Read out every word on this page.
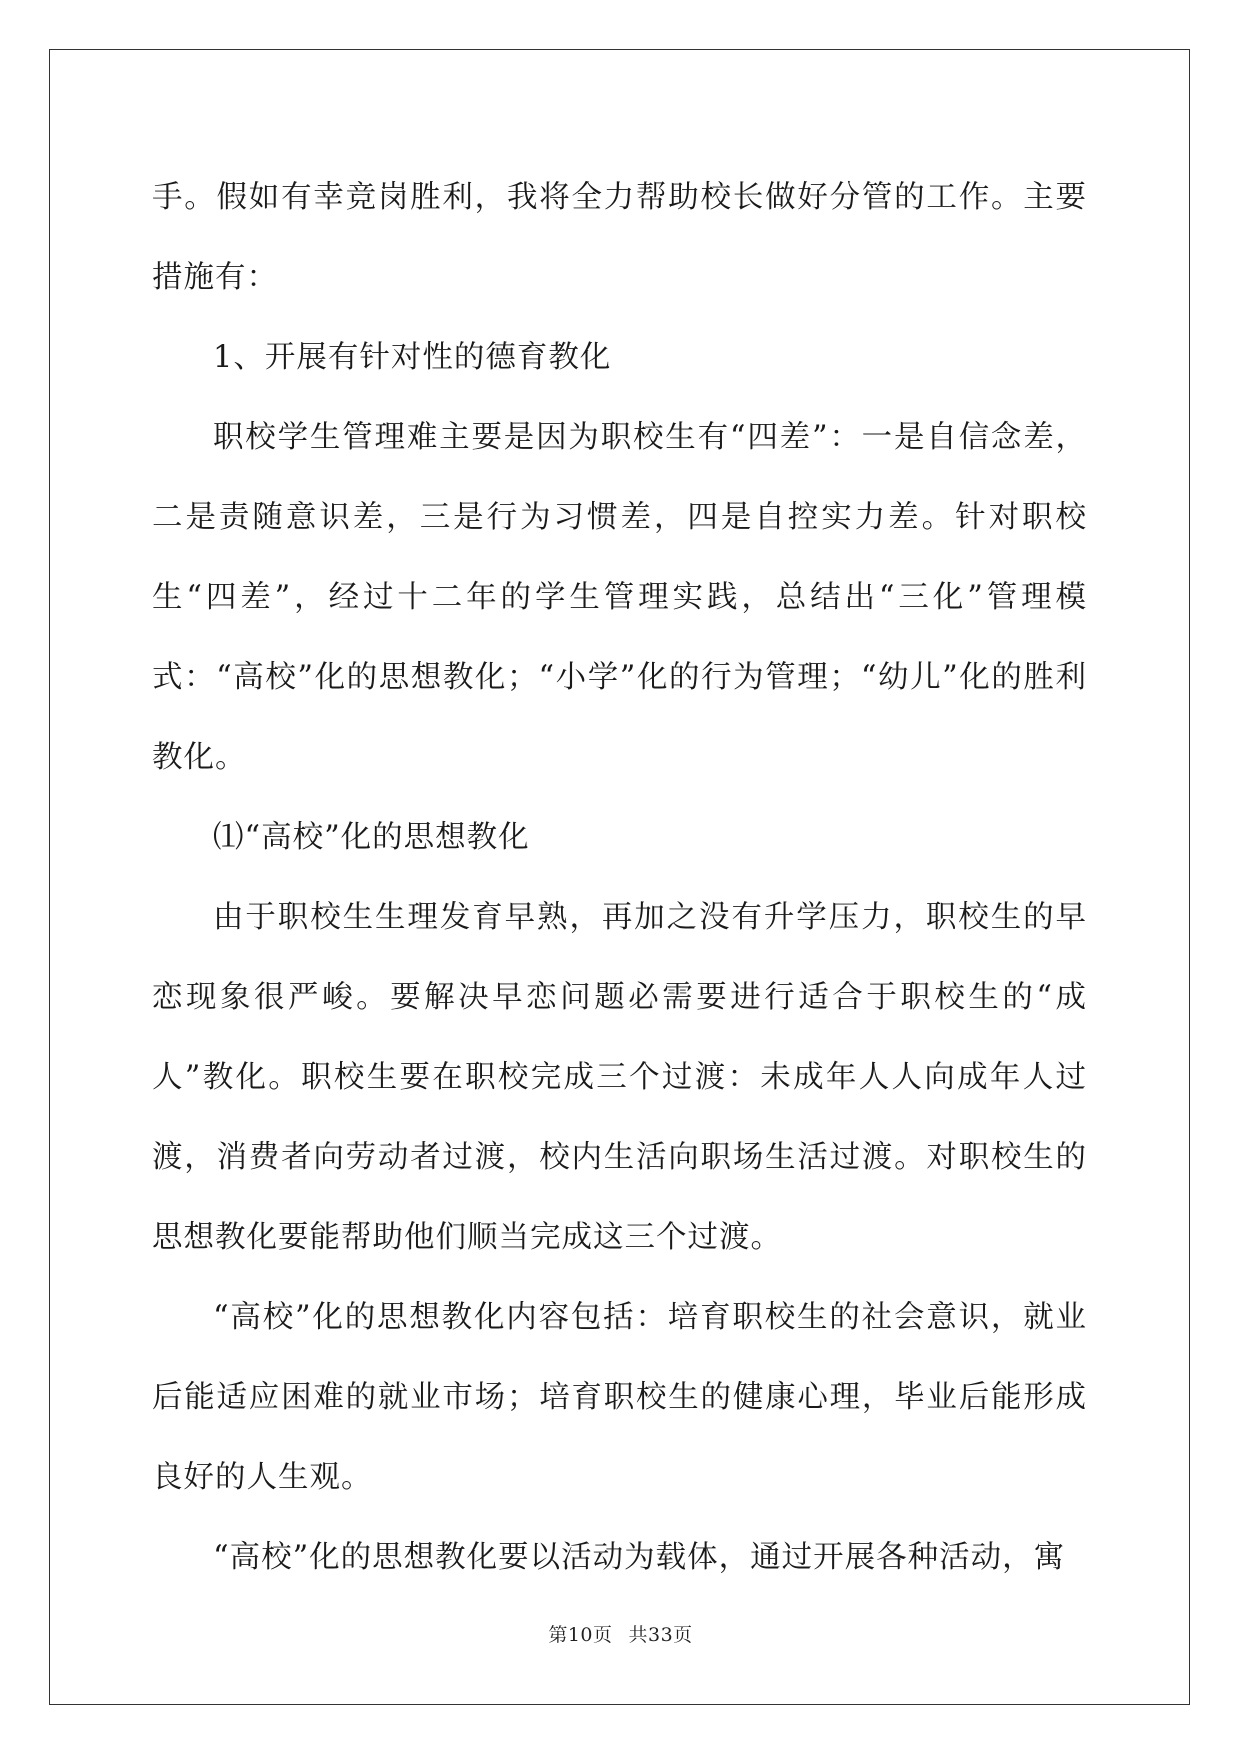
手。假如有幸竞岗胜利，我将全力帮助校长做好分管的工作。主要措施有：

1、开展有针对性的德育教化

职校学生管理难主要是因为职校生有“四差”：一是自信念差，二是责随意识差，三是行为习惯差，四是自控实力差。针对职校生“四差”，经过十二年的学生管理实践，总结出“三化”管理模式：“高校”化的思想教化；“小学”化的行为管理；“幼儿”化的胜利教化。

⑴“高校”化的思想教化

由于职校生生理发育早熟，再加之没有升学压力，职校生的早恋现象很严峻。要解决早恋问题必需要进行适合于职校生的“成人”教化。职校生要在职校完成三个过渡：未成年人人向成年人过渡，消费者向劳动者过渡，校内生活向职场生活过渡。对职校生的思想教化要能帮助他们顺当完成这三个过渡。

“高校”化的思想教化内容包括：培育职校生的社会意识，就业后能适应困难的就业市场；培育职校生的健康心理，毕业后能形成良好的人生观。

“高校”化的思想教化要以活动为载体，通过开展各种活动，寓

第10页 共33页
